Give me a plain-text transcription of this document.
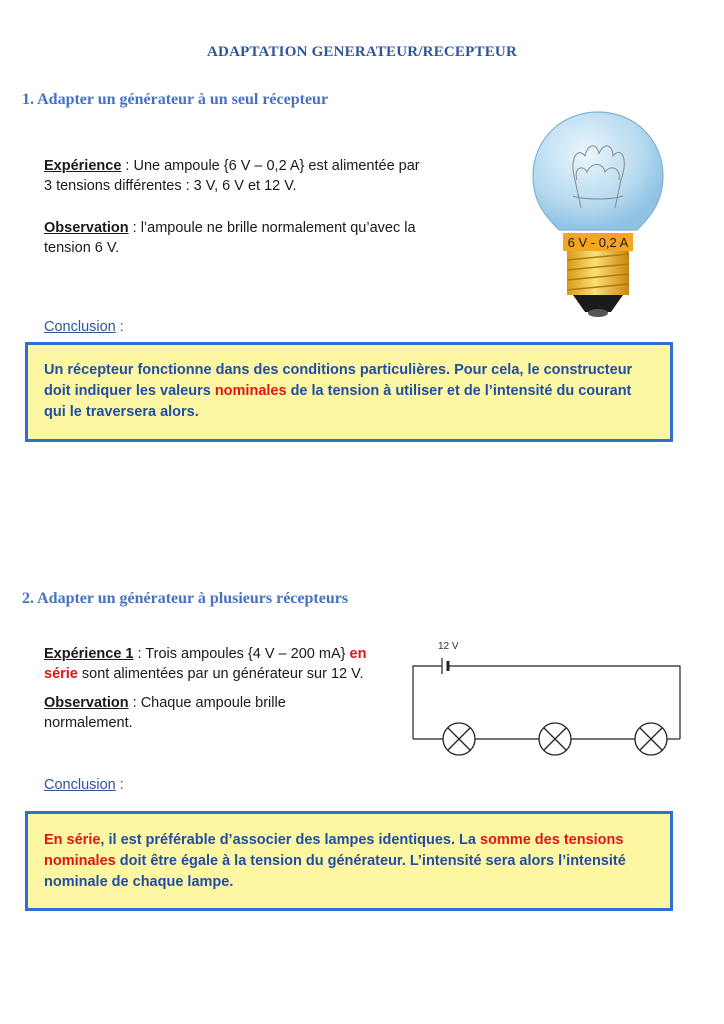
ADAPTATION GENERATEUR/RECEPTEUR
1. Adapter un générateur à un seul récepteur
Expérience : Une ampoule {6 V – 0,2 A} est alimentée par
3 tensions différentes : 3 V, 6 V et 12 V.
Observation : l’ampoule ne brille normalement qu’avec la
tension 6 V.	6 V - 0,2 A
Conclusion :
Un récepteur fonctionne dans des conditions particulières. Pour cela, le constructeur doit indiquer les valeurs nominales de la tension à utiliser et de l’intensité du courant qui le traversera alors.
2. Adapter un générateur à plusieurs récepteurs
Expérience 1 : Trois ampoules {4 V – 200 mA} en
série sont alimentées par un générateur sur 12 V.
Observation : Chaque ampoule brille
normalement.
12 V
Conclusion :
En série, il est préférable d’associer des lampes identiques. La somme des tensions nominales doit être égale à la tension du générateur. L’intensité sera alors l’intensité nominale de chaque lampe.
